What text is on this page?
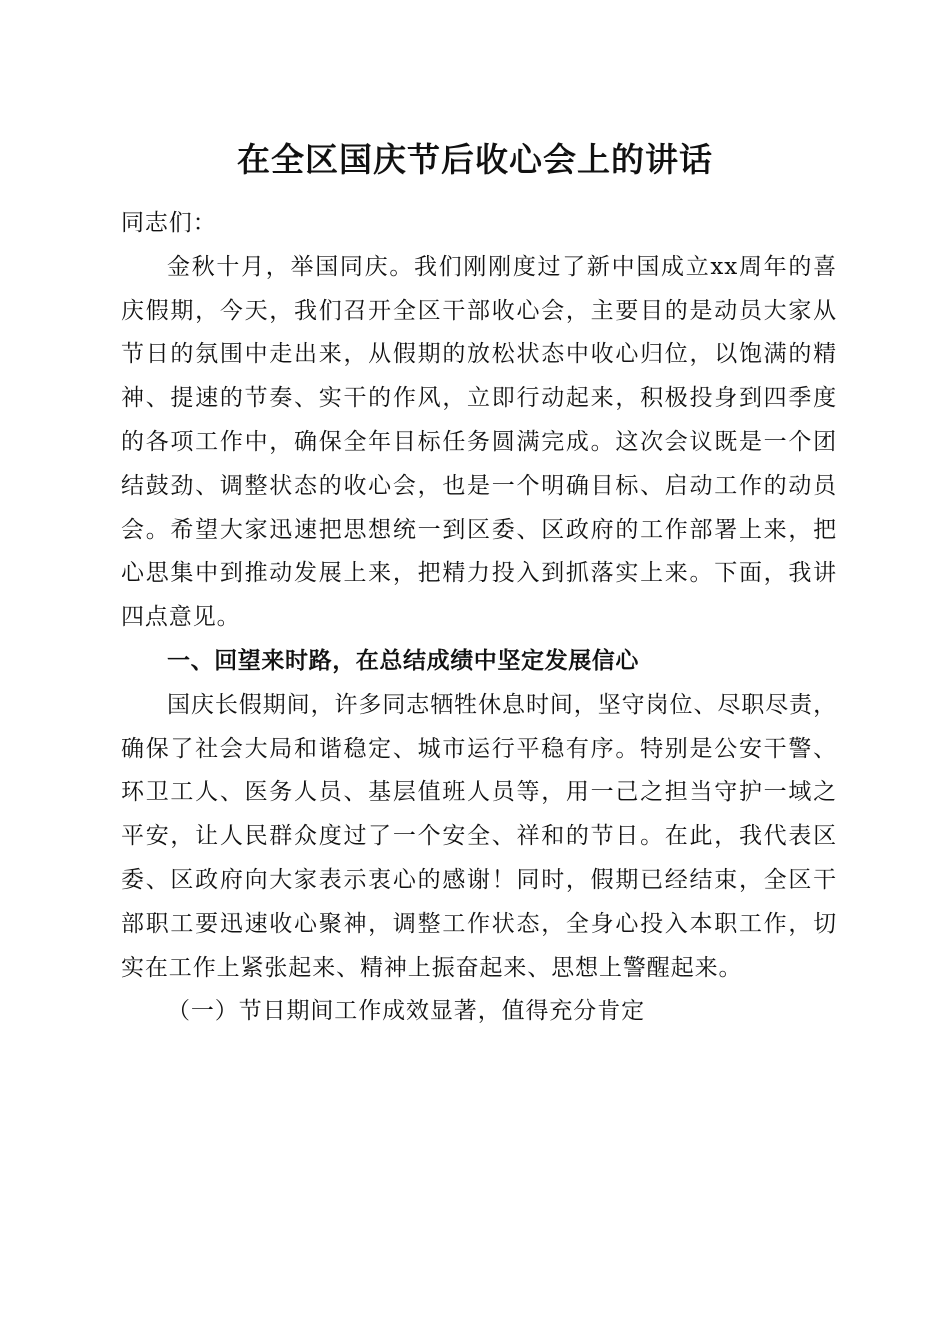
在全区国庆节后收心会上的讲话

同志们：

金秋十月，举国同庆。我们刚刚度过了新中国成立xx周年的喜庆假期，今天，我们召开全区干部收心会，主要目的是动员大家从节日的氛围中走出来，从假期的放松状态中收心归位，以饱满的精神、提速的节奏、实干的作风，立即行动起来，积极投身到四季度的各项工作中，确保全年目标任务圆满完成。这次会议既是一个团结鼓劲、调整状态的收心会，也是一个明确目标、启动工作的动员会。希望大家迅速把思想统一到区委、区政府的工作部署上来，把心思集中到推动发展上来，把精力投入到抓落实上来。下面，我讲四点意见。

一、回望来时路，在总结成绩中坚定发展信心

国庆长假期间，许多同志牺牲休息时间，坚守岗位、尽职尽责，确保了社会大局和谐稳定、城市运行平稳有序。特别是公安干警、环卫工人、医务人员、基层值班人员等，用一己之担当守护一域之平安，让人民群众度过了一个安全、祥和的节日。在此，我代表区委、区政府向大家表示衷心的感谢！同时，假期已经结束，全区干部职工要迅速收心聚神，调整工作状态，全身心投入本职工作，切实在工作上紧张起来、精神上振奋起来、思想上警醒起来。

（一）节日期间工作成效显著，值得充分肯定
